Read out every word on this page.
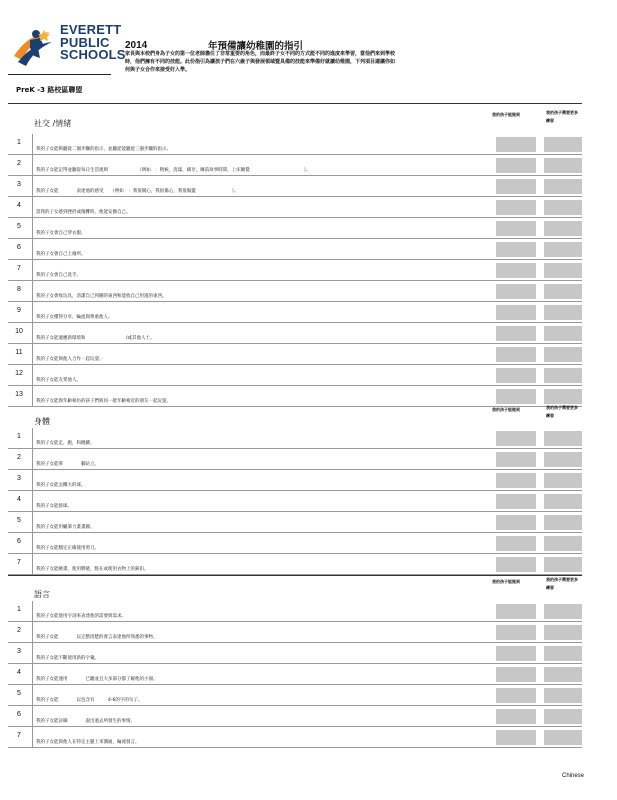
EVERETT
PUBLIC
SCHOOLS
2014	年預備讓幼稚園的指引
家長與本校們身為子女的第一位老師擔任了非常重要的角色，而最終子女不同的方式能不同的進度來學習，當他們來到學校時，他們擁有不同的技能。此份指引為讓孩子們在六歲子與發展領域暨具備的技能來準備好就讀幼稚園，下列項目適讓你如何與子女合作來接受好入學。
PreK -3 路校區聯盟
社交 /情緒
我的孩子能做到	我的孩子需要更多練習
1
我的子女能夠聽從二個步驟的指示，並聽從能聽從三個步驟的指示。
2
我的子女能記得並聽從每日生活規則　　　　　　　（例如　：稍候，洗澡，刷牙，睡前故事時間，上床睡覺　　　　　　　　　　　　）。
3
我的子女能　　　　表達他的感受　　（例如　：我很開心，我很傷心，我很傷靈　　　　　　　　）。
4
當我的子女感到挫折或傷難時，他能安撫自己。
5
我的子女會自己穿衣服。
6
我的子女會自己上廁所。
7
我的子女會自己洗手。
8
我的子女會收玩具，清潔自己到剛的東西和能收自己用過的東西。
9
我的子女懂得分享，輪流與尊重他人。
10
我的子女能適應新環境和　　　　　　　　　/或其他人士。
11
我的子女能與他人合作一起玩耍。
12
我的子女能友愛他人。
13
我的子女能與年齡相仿的孩子們與同一批年齡相近的朋友一起玩耍。
身體
我的孩子能做到	我的孩子需要更多練習
1
我的子女能走，跑，和跳躍。
2
我的子女能單　　　　腳站立。
3
我的子女能丟擲大的球。
4
我的子女能接球。
5
我的子女能用蠟筆力畫畫圖。
6
我的子女能穩定正確使用剪刀。
7
我的子女能繪畫，使用膠捲，點在或使用衣物上的鈕扣。
語言
我的孩子能做到	我的孩子需要更多練習
1
我的子女能使用字詞來表達他的需要與需求。
2
我的子女能　　　　以完整清楚的發言表達他所熟悉的事物。
3
我的子女能不斷使用新的字彙。
4
我的子女能運用　　　　已聽並且大多部分都了解他的小冊。
5
我的子女能　　　　以包含有　　　4-6的字的句子。
6
我的子女能詳細　　　　說出過去所發生的事情。
7
我的子女能與他人在特定主題上來溝通，輪流發言。
Chinese
